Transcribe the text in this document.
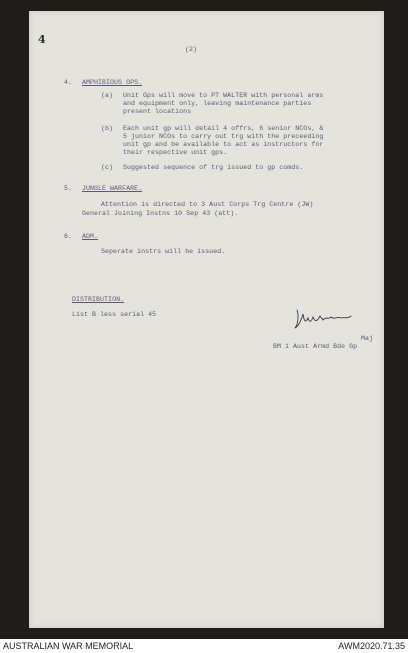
4
(2)
4. AMPHIBIOUS OPS.
(a) Unit Gps will move to PT WALTER with personal arms
and equipment only, leaving maintenance parties
present locations
(b) Each unit gp will detail 4 offrs, 6 senior NCOs, &
5 junior NCOs to carry out trg with the preceeding
unit gp and be available to act as instructors for
their respective unit gps.
(c) Suggested sequence of trg issued to gp comds.
5. JUNGLE WARFARE.
Attention is directed to 3 Aust Corps Trg Centre (JW)
General Joining Instns 10 Sep 43 (att).
6. ADM.
Seperate instrs will be issued.
DISTRIBUTION.
List B less serial 45
Maj
BM 1 Aust Armd Bde Gp
AUSTRALIAN WAR MEMORIAL	AWM2020.71.35
